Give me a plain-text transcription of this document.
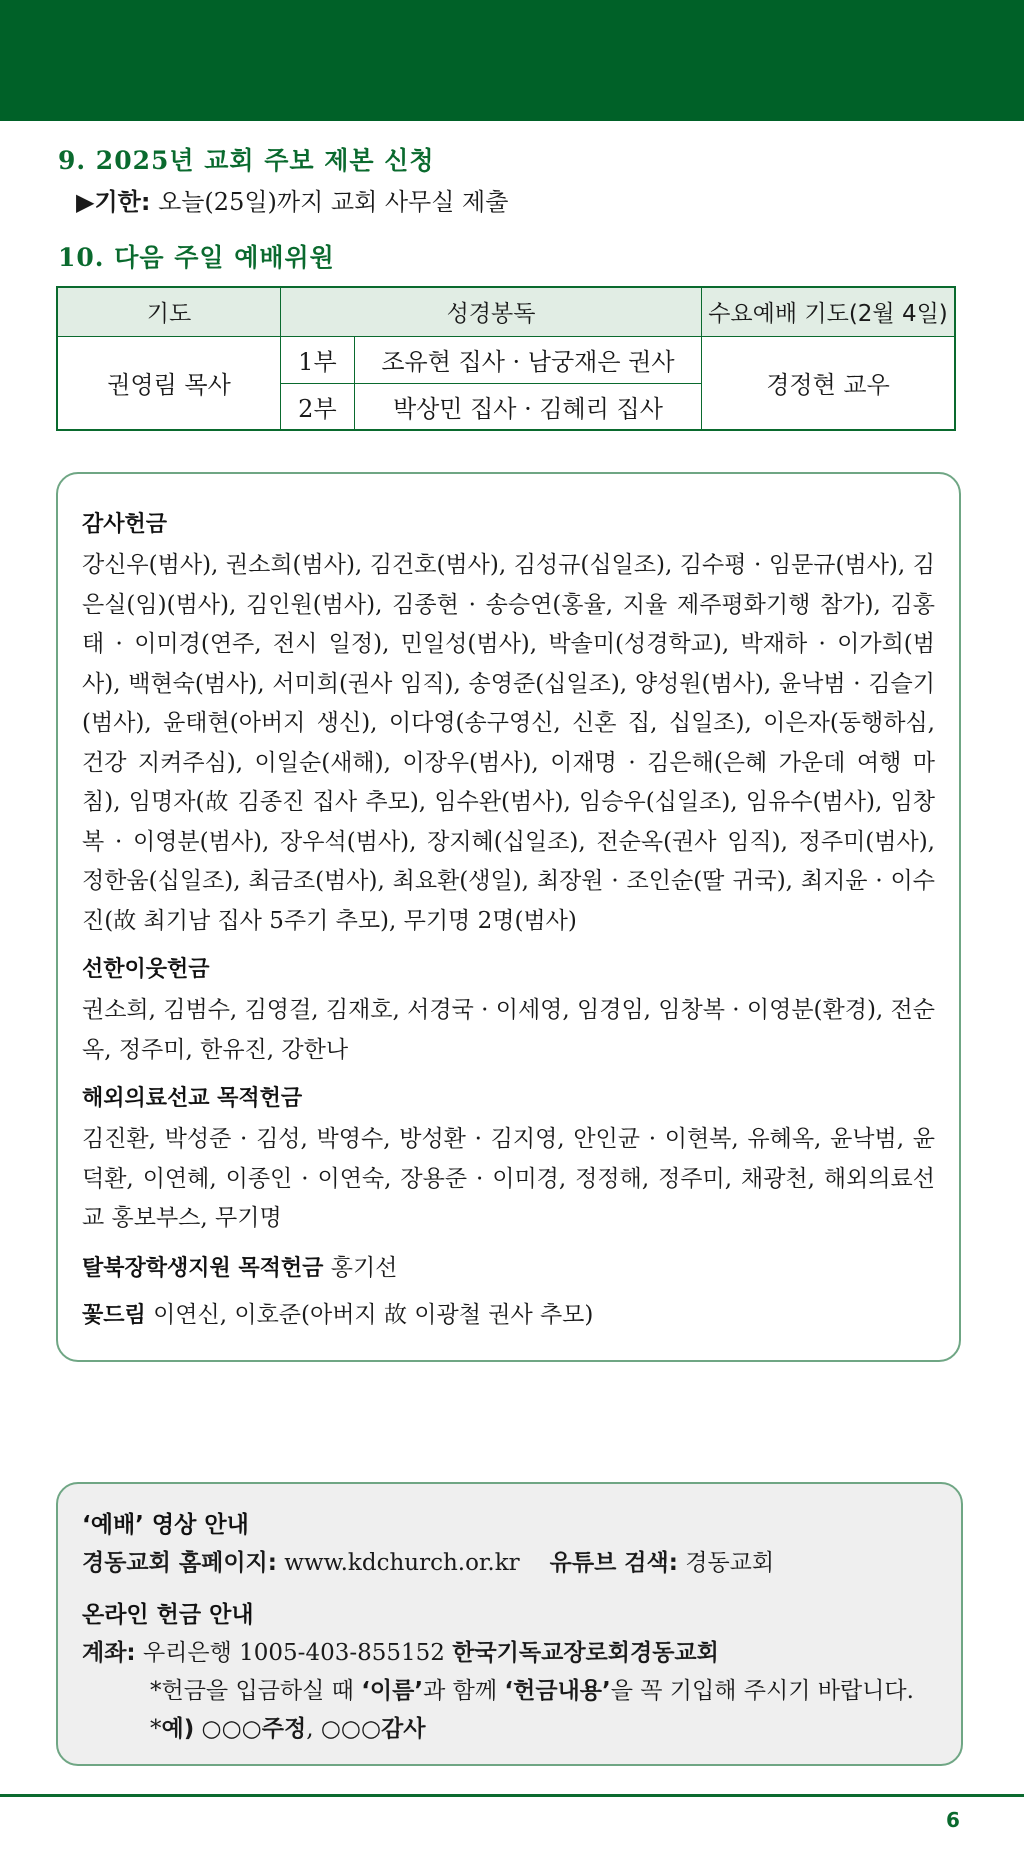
9. 2025년 교회 주보 제본 신청
▶기한: 오늘(25일)까지 교회 사무실 제출
10. 다음 주일 예배위원
기도	성경봉독		수요예배 기도(2월 4일)
권영림 목사	1부	조유현 집사 · 남궁재은 권사	경정현 교우
	2부	박상민 집사 · 김혜리 집사	
감사헌금
강신우(범사), 권소희(범사), 김건호(범사), 김성규(십일조), 김수평 · 임문규(범사), 김은실(임)(범사), 김인원(범사), 김종현 · 송승연(홍율, 지율 제주평화기행 참가), 김홍태 · 이미경(연주, 전시 일정), 민일성(범사), 박솔미(성경학교), 박재하 · 이가희(범사), 백현숙(범사), 서미희(권사 임직), 송영준(십일조), 양성원(범사), 윤낙범 · 김슬기(범사), 윤태현(아버지 생신), 이다영(송구영신, 신혼 집, 십일조), 이은자(동행하심, 건강 지켜주심), 이일순(새해), 이장우(범사), 이재명 · 김은해(은혜 가운데 여행 마침), 임명자(故 김종진 집사 추모), 임수완(범사), 임승우(십일조), 임유수(범사), 임창복 · 이영분(범사), 장우석(범사), 장지혜(십일조), 전순옥(권사 임직), 정주미(범사), 정한움(십일조), 최금조(범사), 최요환(생일), 최장원 · 조인순(딸 귀국), 최지윤 · 이수진(故 최기남 집사 5주기 추모), 무기명 2명(범사)
선한이웃헌금
권소희, 김범수, 김영걸, 김재호, 서경국 · 이세영, 임경임, 임창복 · 이영분(환경), 전순옥, 정주미, 한유진, 강한나
해외의료선교 목적헌금
김진환, 박성준 · 김성, 박영수, 방성환 · 김지영, 안인균 · 이현복, 유혜옥, 윤낙범, 윤덕환, 이연혜, 이종인 · 이연숙, 장용준 · 이미경, 정정해, 정주미, 채광천, 해외의료선교 홍보부스, 무기명
탈북장학생지원 목적헌금 홍기선
꽃드림 이연신, 이호준(아버지 故 이광철 권사 추모)
‘예배’ 영상 안내
경동교회 홈페이지: www.kdchurch.or.kr 유튜브 검색: 경동교회
온라인 헌금 안내
계좌: 우리은행 1005-403-855152 한국기독교장로회경동교회
*헌금을 입금하실 때 ‘이름’과 함께 ‘헌금내용’을 꼭 기입해 주시기 바랍니다.
*예) ○○○주정, ○○○감사
6
